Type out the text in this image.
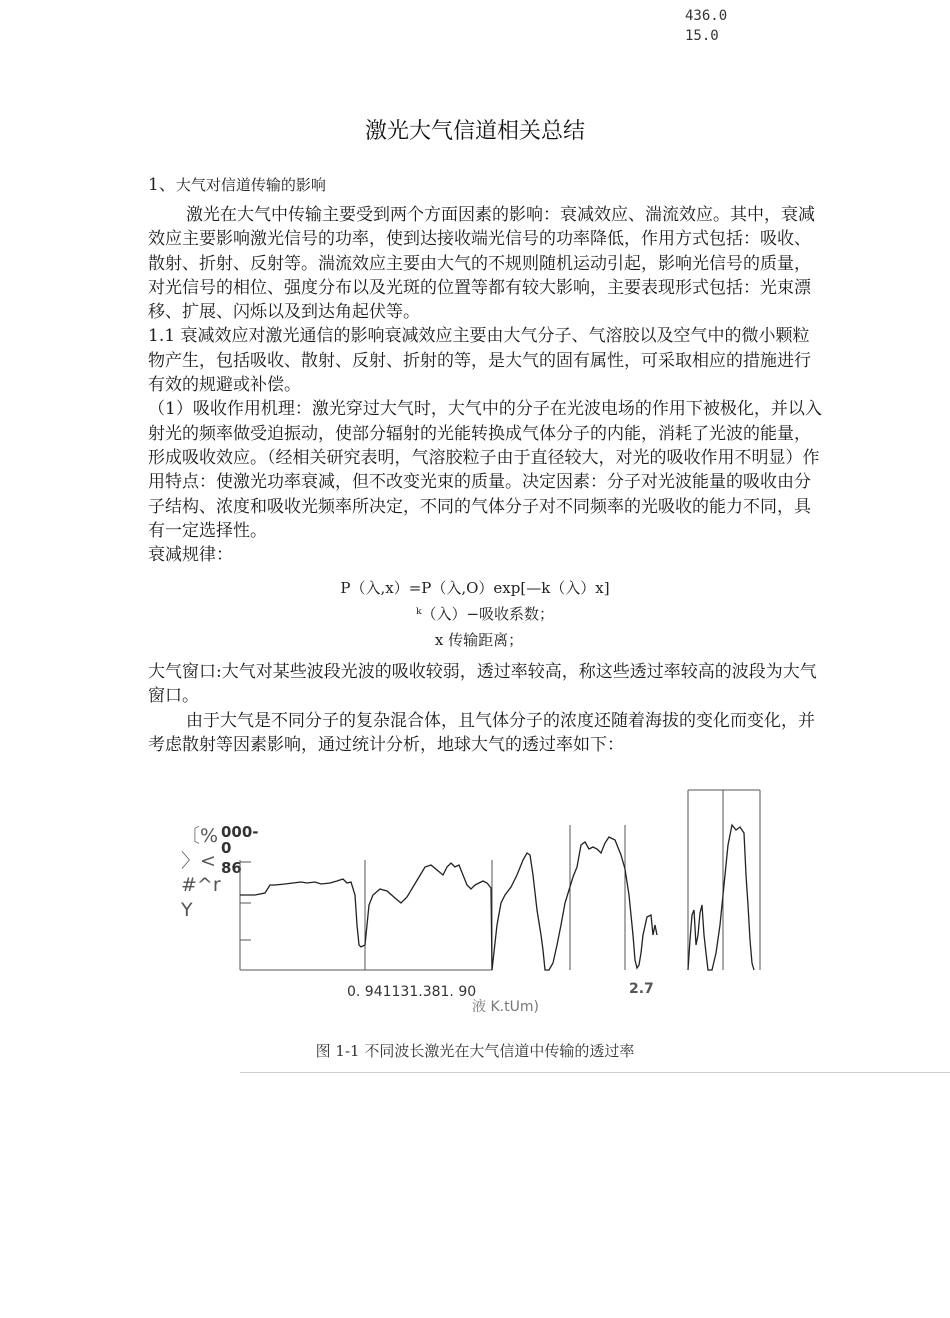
436.0
15.0
激光大气信道相关总结
1、大气对信道传输的影响

激光在大气中传输主要受到两个方面因素的影响：衰减效应、湍流效应。其中，衰减效应主要影响激光信号的功率，使到达接收端光信号的功率降低，作用方式包括：吸收、散射、折射、反射等。湍流效应主要由大气的不规则随机运动引起，影响光信号的质量，对光信号的相位、强度分布以及光斑的位置等都有较大影响，主要表现形式包括：光束漂移、扩展、闪烁以及到达角起伏等。

1.1 衰减效应对激光通信的影响衰减效应主要由大气分子、气溶胶以及空气中的微小颗粒物产生，包括吸收、散射、反射、折射的等，是大气的固有属性，可采取相应的措施进行有效的规避或补偿。

（1）吸收作用机理：激光穿过大气时，大气中的分子在光波电场的作用下被极化，并以入射光的频率做受迫振动，使部分辐射的光能转换成气体分子的内能，消耗了光波的能量，形成吸收效应。（经相关研究表明，气溶胶粒子由于直径较大，对光的吸收作用不明显）作用特点：使激光功率衰减，但不改变光束的质量。决定因素：分子对光波能量的吸收由分子结构、浓度和吸收光频率所决定，不同的气体分子对不同频率的光吸收的能力不同，具有一定选择性。

衰减规律：

P（入,x）=P（入,O）exp[—k（入）x]
ᵏ（入）−吸收系数；
x 传输距离；

大气窗口:大气对某些波段光波的吸收较弱，透过率较高，称这些透过率较高的波段为大气窗口。

由于大气是不同分子的复杂混合体，且气体分子的浓度还随着海拔的变化而变化，并考虑散射等因素影响，通过统计分析，地球大气的透过率如下：

〔%
〉<
#^r
Y
000-
0
86
0. 941131.381. 90	2.7
液 K.tUm)
图 1-1 不同波长激光在大气信道中传输的透过率
